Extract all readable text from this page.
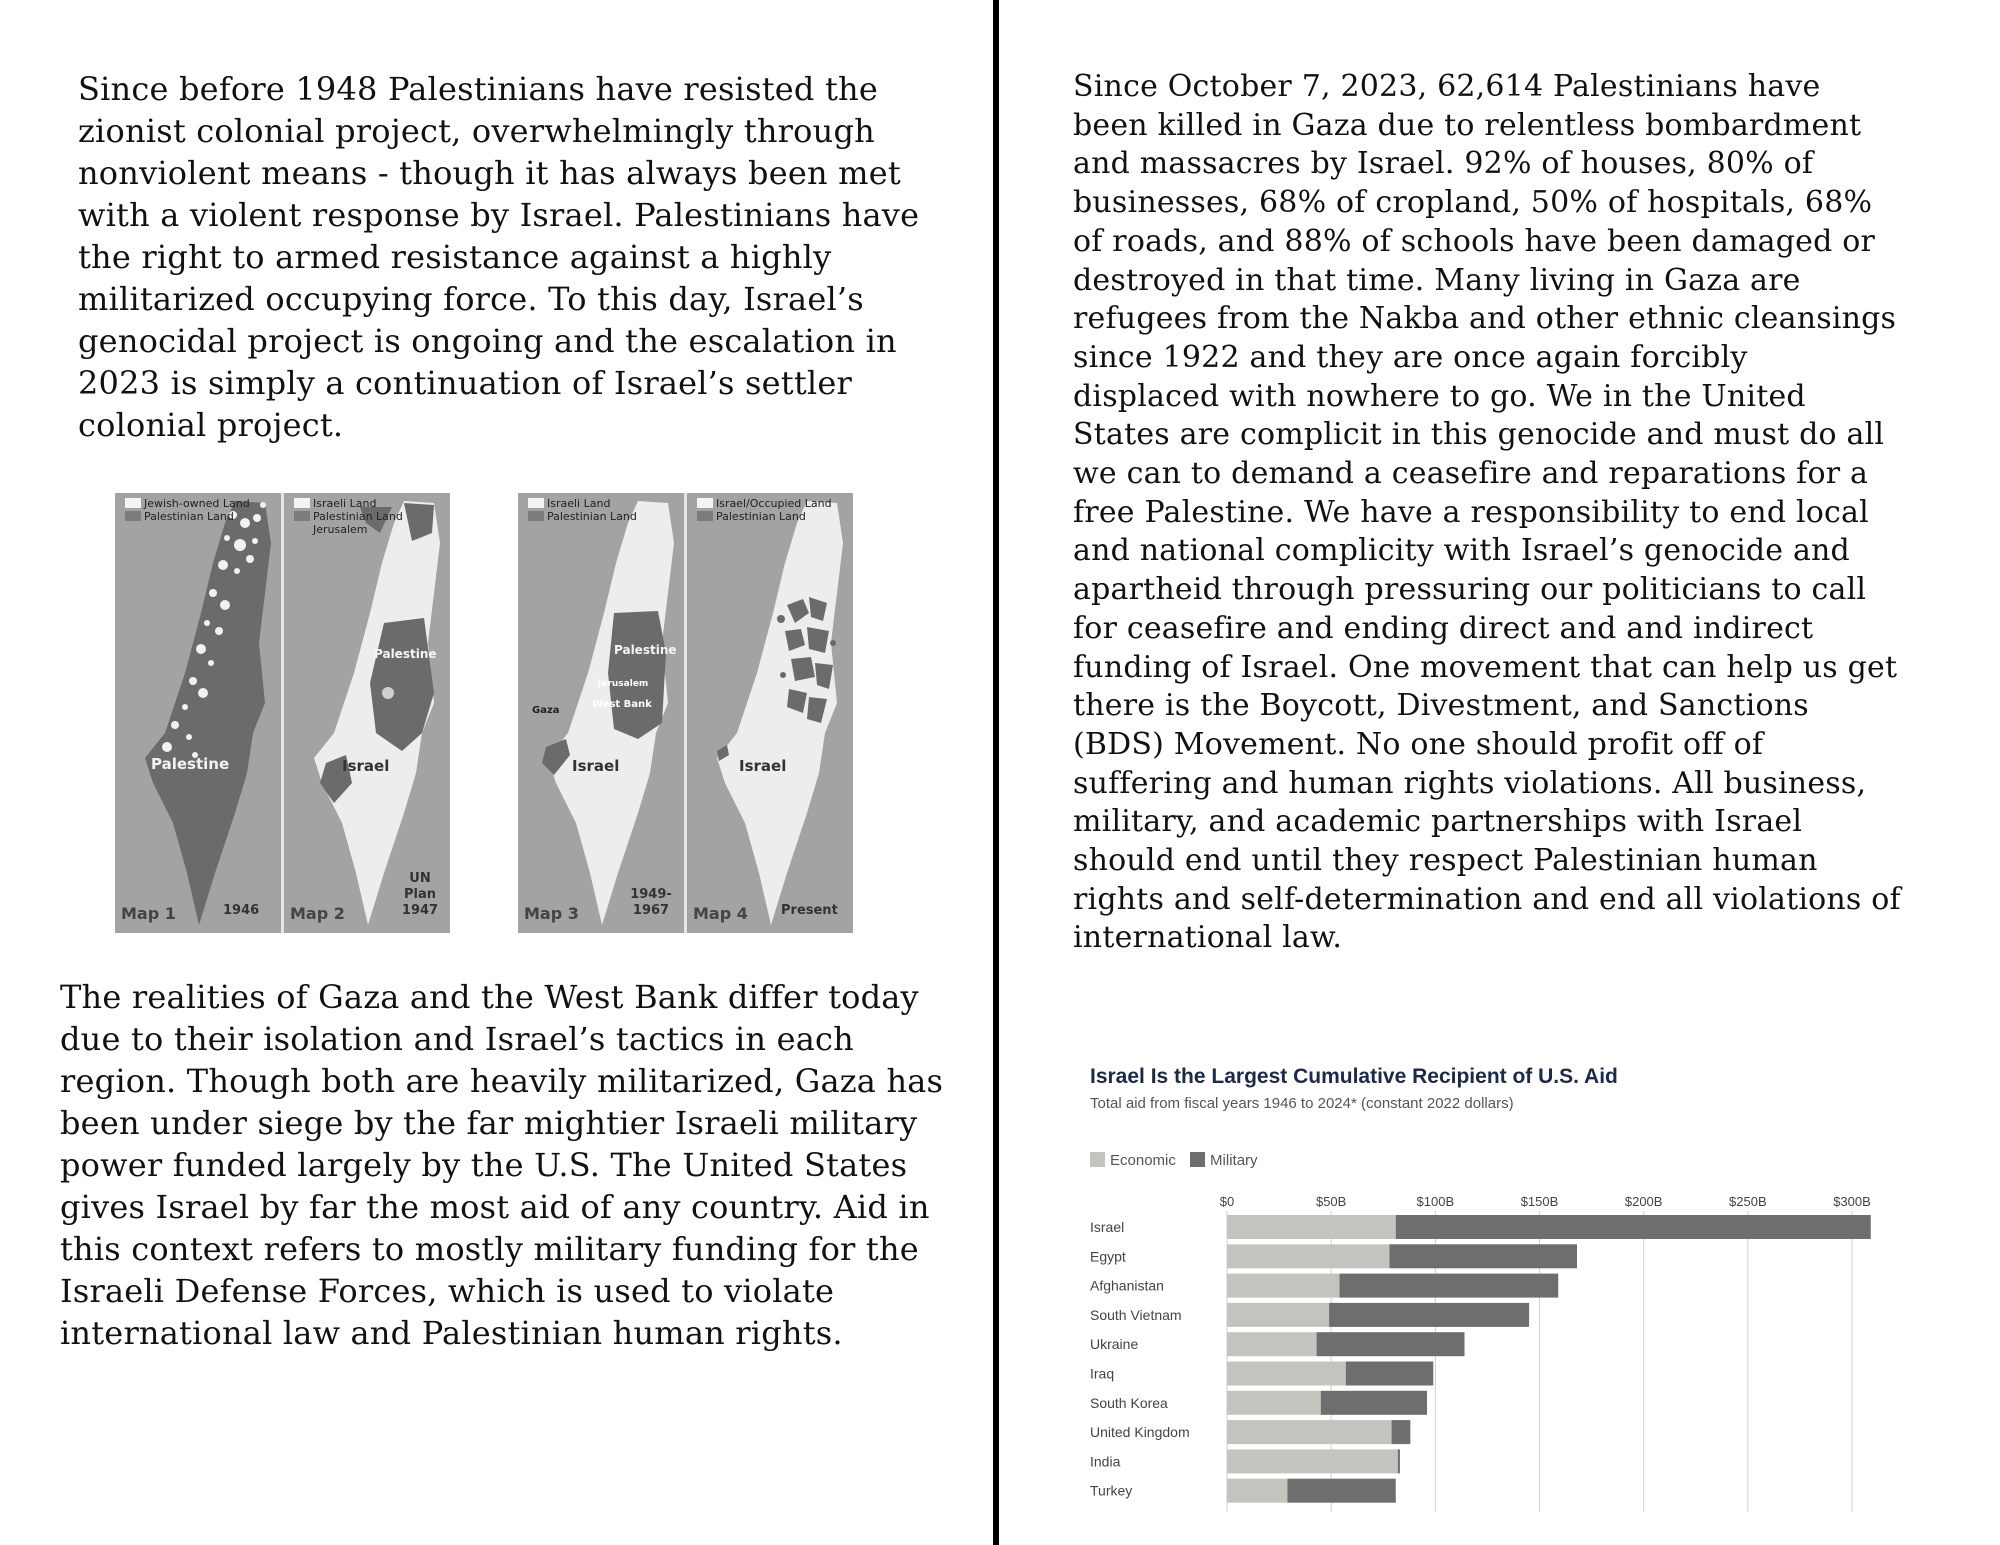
Since before 1948 Palestinians have resisted the zionist colonial project, overwhelmingly through nonviolent means - though it has always been met with a violent response by Israel. Palestinians have the right to armed resistance against a highly militarized occupying force. To this day, Israel’s genocidal project is ongoing and the escalation in 2023 is simply a continuation of Israel’s settler colonial project.

The realities of Gaza and the West Bank differ today due to their isolation and Israel’s tactics in each region. Though both are heavily militarized, Gaza has been under siege by the far mightier Israeli military power funded largely by the U.S. The United States gives Israel by far the most aid of any country. Aid in this context refers to mostly military funding for the Israeli Defense Forces, which is used to violate international law and Palestinian human rights.

Since October 7, 2023, 62,614 Palestinians have been killed in Gaza due to relentless bombardment and massacres by Israel. 92% of houses, 80% of businesses, 68% of cropland, 50% of hospitals, 68% of roads, and 88% of schools have been damaged or destroyed in that time. Many living in Gaza are refugees from the Nakba and other ethnic cleansings since 1922 and they are once again forcibly displaced with nowhere to go. We in the United States are complicit in this genocide and must do all we can to demand a ceasefire and reparations for a free Palestine. We have a responsibility to end local and national complicity with Israel’s genocide and apartheid through pressuring our politicians to call for ceasefire and ending direct and and indirect funding of Israel. One movement that can help us get there is the Boycott, Divestment, and Sanctions (BDS) Movement. No one should profit off of suffering and human rights violations. All business, military, and academic partnerships with Israel should end until they respect Palestinian human rights and self-determination and end all violations of international law.

Jewish-owned Land
Palestinian Land
Palestine
Map 1	1946
Israeli Land
Palestinian Land
Jerusalem
Palestine
Israel
Map 2
UN
Plan
1947
Israeli Land
Palestinian Land
Palestine
Jerusalem
West Bank
Gaza
Israel
Map 3
1949-
1967
Israel/Occupied Land
Palestinian Land
Israel
Map 4	Present
Israel Is the Largest Cumulative Recipient of U.S. Aid
Total aid from fiscal years 1946 to 2024* (constant 2022 dollars)
Economic Military
$0	$50B	$100B	$150B	$200B	$250B	$300B
Israel
Egypt
Afghanistan
South Vietnam
Ukraine
Iraq
South Korea
United Kingdom
India
Turkey
